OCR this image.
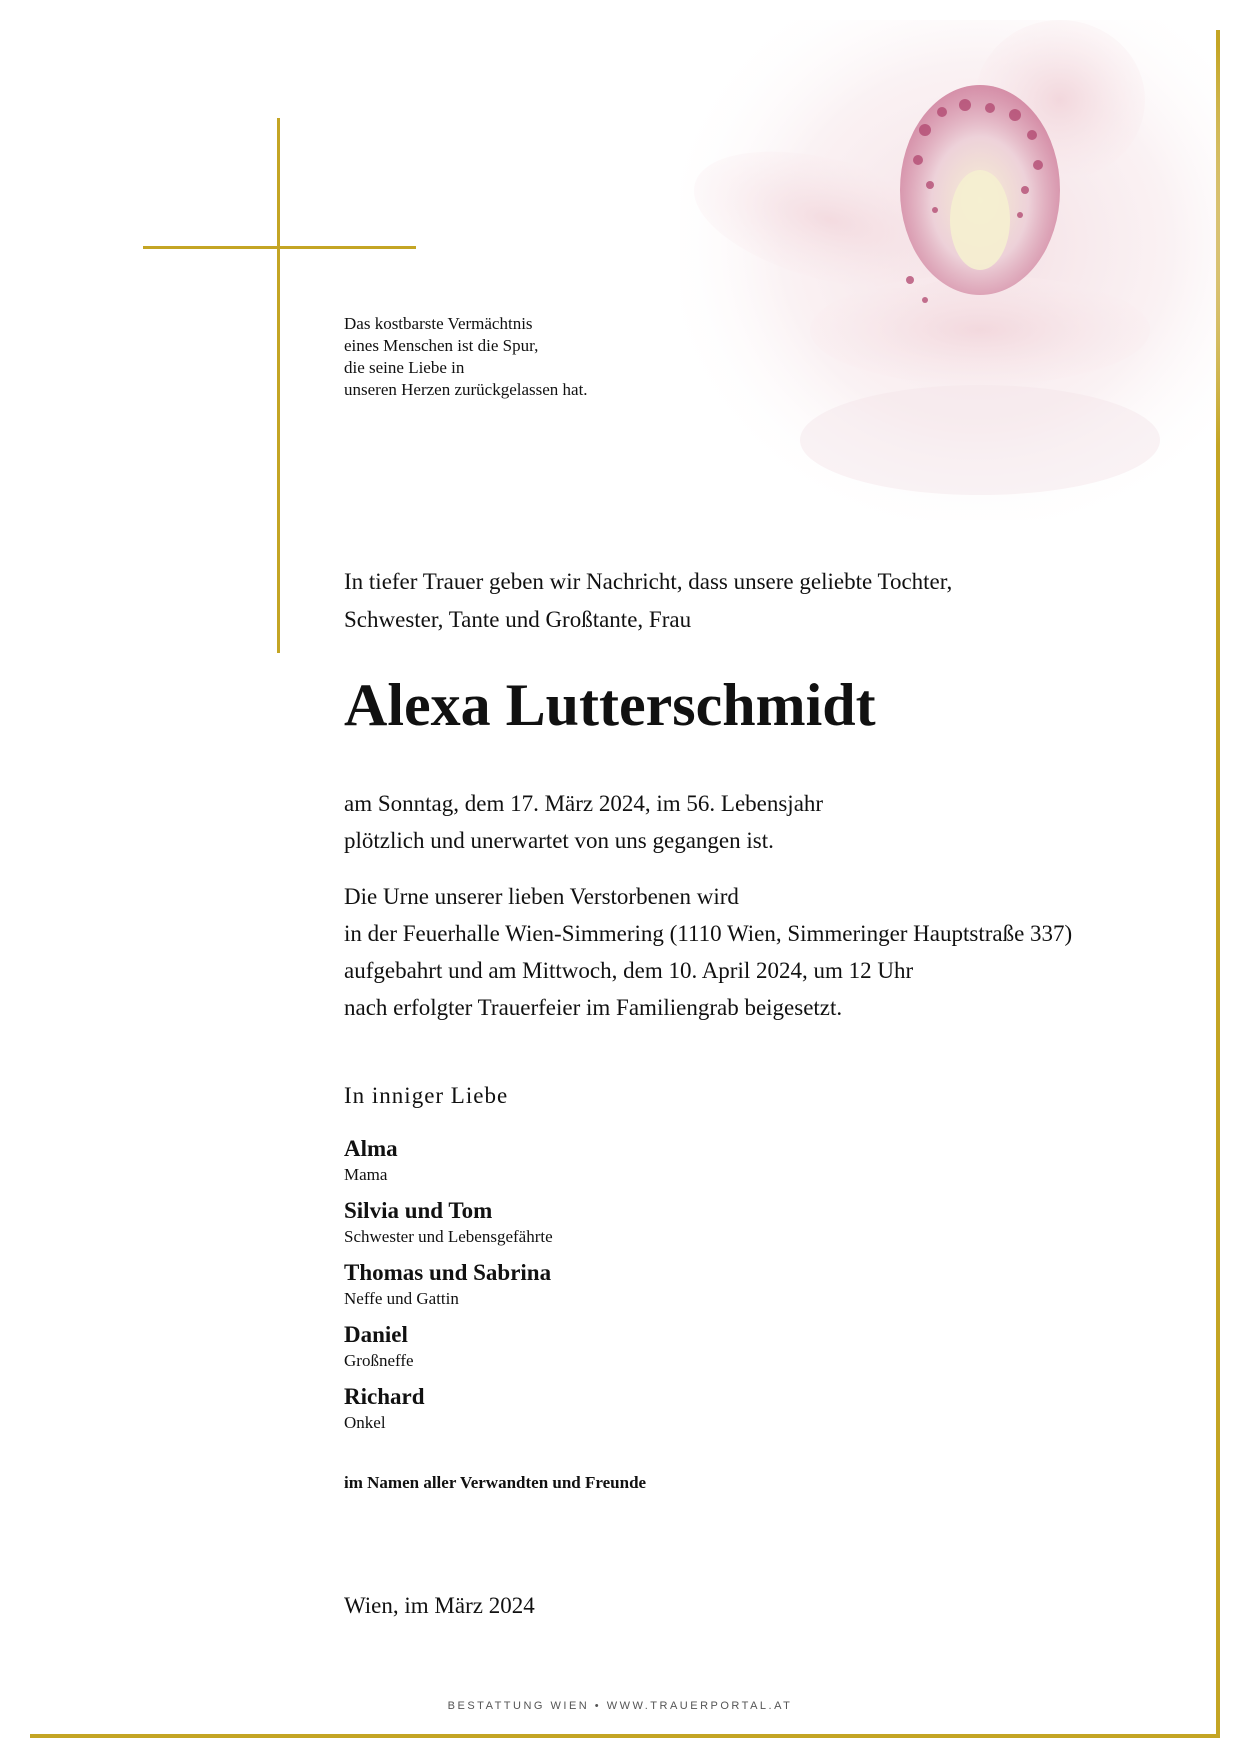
Das kostbarste Vermächtnis
eines Menschen ist die Spur,
die seine Liebe in
unseren Herzen zurückgelassen hat.
In tiefer Trauer geben wir Nachricht, dass unsere geliebte Tochter,
Schwester, Tante und Großtante, Frau
Alexa Lutterschmidt
am Sonntag, dem 17. März 2024, im 56. Lebensjahr
plötzlich und unerwartet von uns gegangen ist.
Die Urne unserer lieben Verstorbenen wird
in der Feuerhalle Wien-Simmering (1110 Wien, Simmeringer Hauptstraße 337)
aufgebahrt und am Mittwoch, dem 10. April 2024, um 12 Uhr
nach erfolgter Trauerfeier im Familiengrab beigesetzt.
In inniger Liebe
Alma
Mama
Silvia und Tom
Schwester und Lebensgefährte
Thomas und Sabrina
Neffe und Gattin
Daniel
Großneffe
Richard
Onkel
im Namen aller Verwandten und Freunde
Wien, im März 2024
BESTATTUNG WIEN • WWW.TRAUERPORTAL.AT
